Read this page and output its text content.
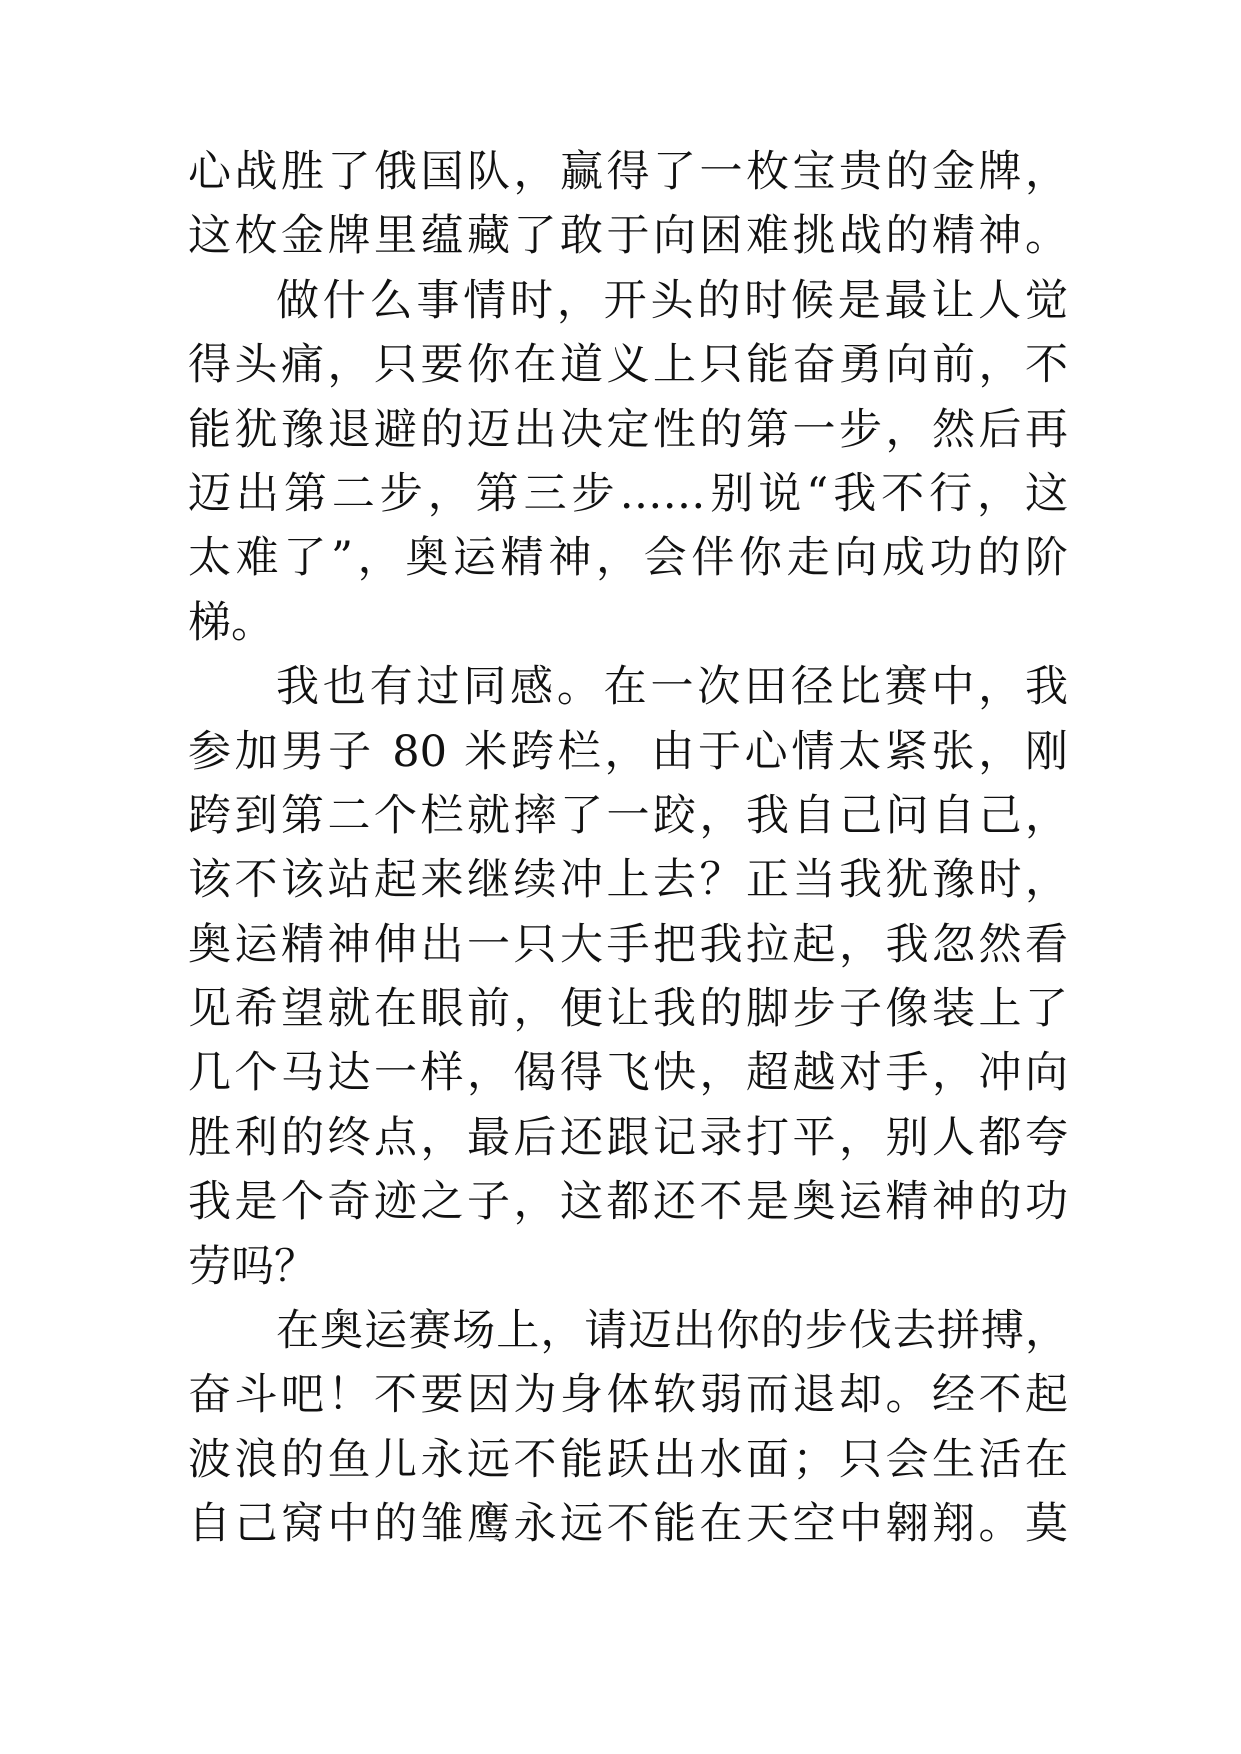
心战胜了俄国队，赢得了一枚宝贵的金牌，
这枚金牌里蕴藏了敢于向困难挑战的精神。
做什么事情时，开头的时候是最让人觉
得头痛，只要你在道义上只能奋勇向前，不
能犹豫退避的迈出决定性的第一步，然后再
迈出第二步，第三步……别说“我不行，这
太难了”，奥运精神，会伴你走向成功的阶
梯。
我也有过同感。在一次田径比赛中，我
参加男子 80 米跨栏，由于心情太紧张，刚
跨到第二个栏就摔了一跤，我自己问自己，
该不该站起来继续冲上去？正当我犹豫时，
奥运精神伸出一只大手把我拉起，我忽然看
见希望就在眼前，便让我的脚步子像装上了
几个马达一样，偈得飞快，超越对手，冲向
胜利的终点，最后还跟记录打平，别人都夸
我是个奇迹之子，这都还不是奥运精神的功
劳吗？
在奥运赛场上，请迈出你的步伐去拼搏，
奋斗吧！不要因为身体软弱而退却。经不起
波浪的鱼儿永远不能跃出水面；只会生活在
自己窝中的雏鹰永远不能在天空中翱翔。莫
